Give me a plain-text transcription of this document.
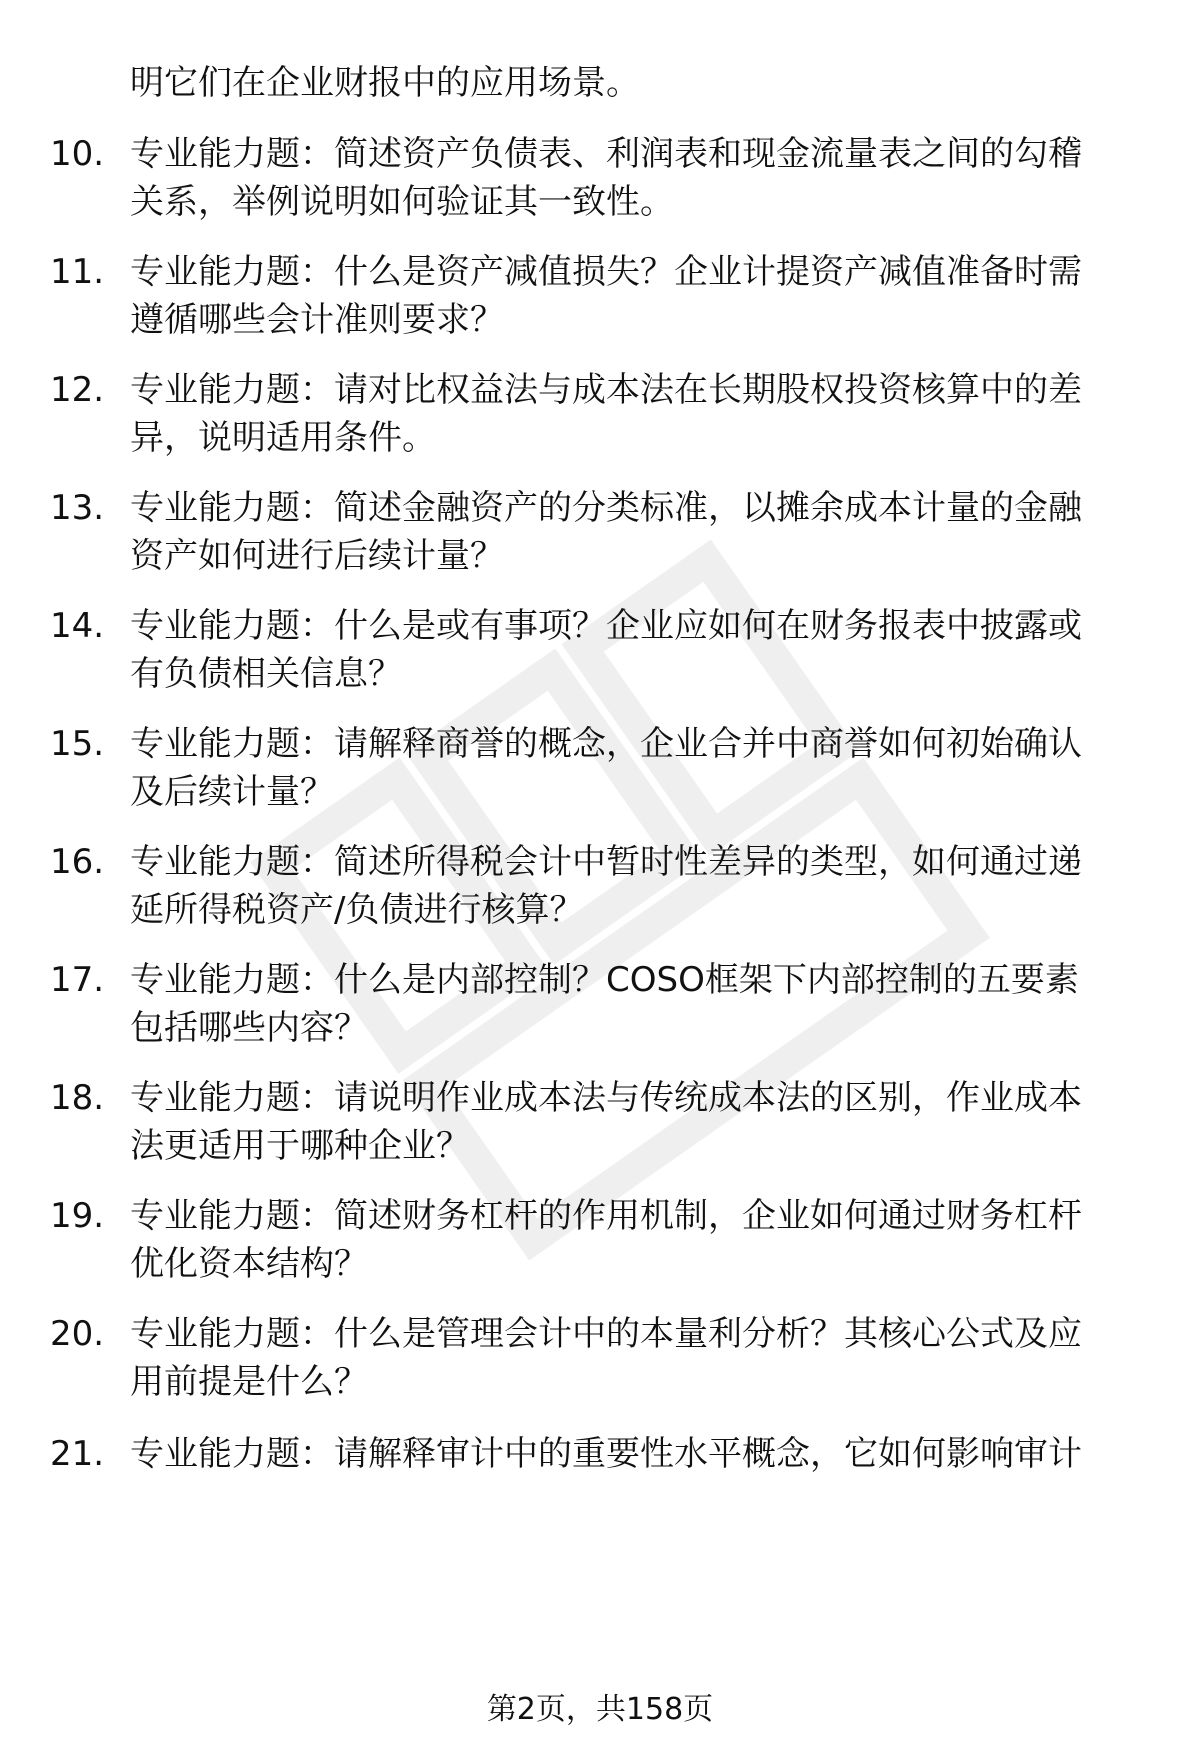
明它们在企业财报中的应用场景。
10. 专业能力题：简述资产负债表、利润表和现金流量表之间的勾稽
关系，举例说明如何验证其一致性。
11. 专业能力题：什么是资产减值损失？企业计提资产减值准备时需
遵循哪些会计准则要求？
12. 专业能力题：请对比权益法与成本法在长期股权投资核算中的差
异，说明适用条件。
13. 专业能力题：简述金融资产的分类标准，以摊余成本计量的金融
资产如何进行后续计量？
14. 专业能力题：什么是或有事项？企业应如何在财务报表中披露或
有负债相关信息？
15. 专业能力题：请解释商誉的概念，企业合并中商誉如何初始确认
及后续计量？
16. 专业能力题：简述所得税会计中暂时性差异的类型，如何通过递
延所得税资产/负债进行核算？
17. 专业能力题：什么是内部控制？COSO框架下内部控制的五要素
包括哪些内容？
18. 专业能力题：请说明作业成本法与传统成本法的区别，作业成本
法更适用于哪种企业？
19. 专业能力题：简述财务杠杆的作用机制，企业如何通过财务杠杆
优化资本结构？
20. 专业能力题：什么是管理会计中的本量利分析？其核心公式及应
用前提是什么？
21. 专业能力题：请解释审计中的重要性水平概念，它如何影响审计
第2页，共158页
